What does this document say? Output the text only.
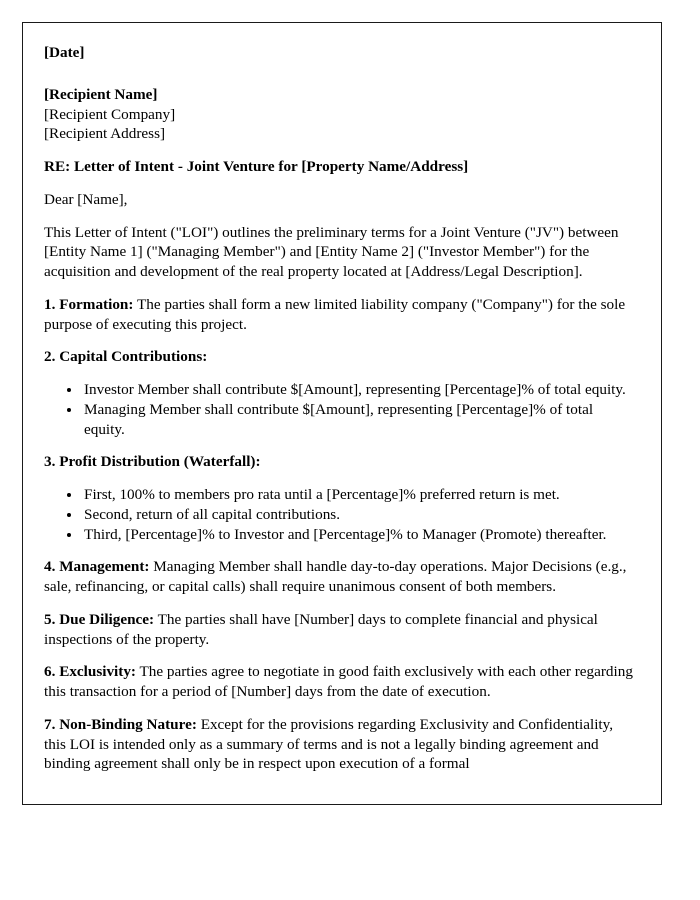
[Date]
[Recipient Name]
[Recipient Company]
[Recipient Address]

RE: Letter of Intent - Joint Venture for [Property Name/Address]

Dear [Name],

This Letter of Intent ("LOI") outlines the preliminary terms for a Joint Venture ("JV") between [Entity Name 1] ("Managing Member") and [Entity Name 2] ("Investor Member") for the acquisition and development of the real property located at [Address/Legal Description].

1. Formation: The parties shall form a new limited liability company ("Company") for the sole purpose of executing this project.

2. Capital Contributions:
• Investor Member shall contribute $[Amount], representing [Percentage]% of total equity.
• Managing Member shall contribute $[Amount], representing [Percentage]% of total equity.
3. Profit Distribution (Waterfall):
• First, 100% to members pro rata until a [Percentage]% preferred return is met.
• Second, return of all capital contributions.
• Third, [Percentage]% to Investor and [Percentage]% to Manager (Promote) thereafter.

4. Management: Managing Member shall handle day-to-day operations. Major Decisions (e.g., sale, refinancing, or capital calls) shall require unanimous consent of both members.

5. Due Diligence: The parties shall have [Number] days to complete financial and physical inspections of the property.

6. Exclusivity: The parties agree to negotiate in good faith exclusively with each other regarding this transaction for a period of [Number] days from the date of execution.

7. Non-Binding Nature: Except for the provisions regarding Exclusivity and Confidentiality, this LOI is intended only as a summary of terms and is not a legally binding agreement and binding agreement shall only be in respect upon execution of a formal
